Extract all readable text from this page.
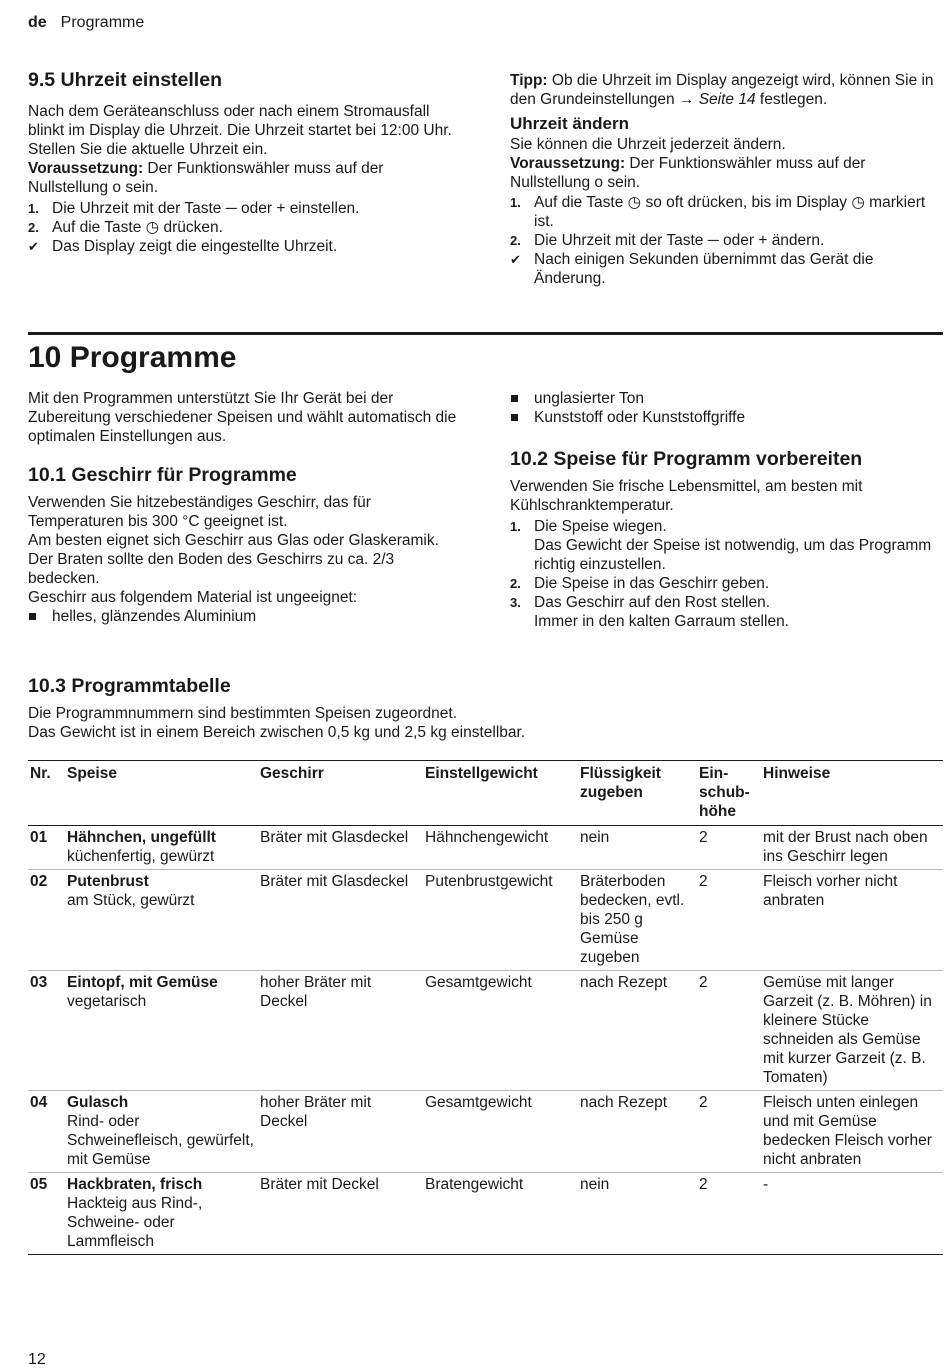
de Programme
9.5 Uhrzeit einstellen

Nach dem Geräteanschluss oder nach einem Stromausfall blinkt im Display die Uhrzeit. Die Uhrzeit startet bei 12:00 Uhr. Stellen Sie die aktuelle Uhrzeit ein.

Voraussetzung: Der Funktionswähler muss auf der Nullstellung o sein.

1. Die Uhrzeit mit der Taste ─ oder + einstellen.
2. Auf die Taste ◷ drücken.
✔ Das Display zeigt die eingestellte Uhrzeit.

Tipp: Ob die Uhrzeit im Display angezeigt wird, können Sie in den Grundeinstellungen → Seite 14 festlegen.

Uhrzeit ändern

Sie können die Uhrzeit jederzeit ändern.

Voraussetzung: Der Funktionswähler muss auf der Nullstellung o sein.

1. Auf die Taste ◷ so oft drücken, bis im Display ◷ markiert ist.
2. Die Uhrzeit mit der Taste ─ oder + ändern.
✔ Nach einigen Sekunden übernimmt das Gerät die Änderung.
10 Programme

Mit den Programmen unterstützt Sie Ihr Gerät bei der Zubereitung verschiedener Speisen und wählt automatisch die optimalen Einstellungen aus.

10.1 Geschirr für Programme

Verwenden Sie hitzebeständiges Geschirr, das für Temperaturen bis 300 °C geeignet ist.

Am besten eignet sich Geschirr aus Glas oder Glaskeramik. Der Braten sollte den Boden des Geschirrs zu ca. 2/3 bedecken.

Geschirr aus folgendem Material ist ungeeignet:

helles, glänzendes Aluminium
unglasierter Ton
Kunststoff oder Kunststoffgriffe
10.2 Speise für Programm vorbereiten

Verwenden Sie frische Lebensmittel, am besten mit Kühlschranktemperatur.

1. Die Speise wiegen.
Das Gewicht der Speise ist notwendig, um das Programm richtig einzustellen.
2. Die Speise in das Geschirr geben.
3. Das Geschirr auf den Rost stellen.
Immer in den kalten Garraum stellen.
10.3 Programmtabelle

Die Programmnummern sind bestimmten Speisen zugeordnet.

Das Gewicht ist in einem Bereich zwischen 0,5 kg und 2,5 kg einstellbar.

Nr.	Speise	Geschirr	Einstellgewicht	Flüssigkeit zugeben	Einschubhöhe	Hinweise
01	Hähnchen, ungefüllt
küchenfertig, gewürzt	Bräter mit Glasdeckel	Hähnchengewicht	nein	2	mit der Brust nach oben ins Geschirr legen
02	Putenbrust
am Stück, gewürzt	Bräter mit Glasdeckel	Putenbrustgewicht	Bräterboden bedecken, evtl. bis 250 g Gemüse zugeben	2	Fleisch vorher nicht anbraten
03	Eintopf, mit Gemüse
vegetarisch	hoher Bräter mit Deckel	Gesamtgewicht	nach Rezept	2	Gemüse mit langer Garzeit (z. B. Möhren) in kleinere Stücke schneiden als Gemüse mit kurzer Garzeit (z. B. Tomaten)
04	Gulasch
Rind- oder Schweinefleisch, gewürfelt, mit Gemüse	hoher Bräter mit Deckel	Gesamtgewicht	nach Rezept	2	Fleisch unten einlegen und mit Gemüse bedecken Fleisch vorher nicht anbraten
05	Hackbraten, frisch
Hackteig aus Rind-, Schweine- oder Lammfleisch	Bräter mit Deckel	Bratengewicht	nein	2	-
12
